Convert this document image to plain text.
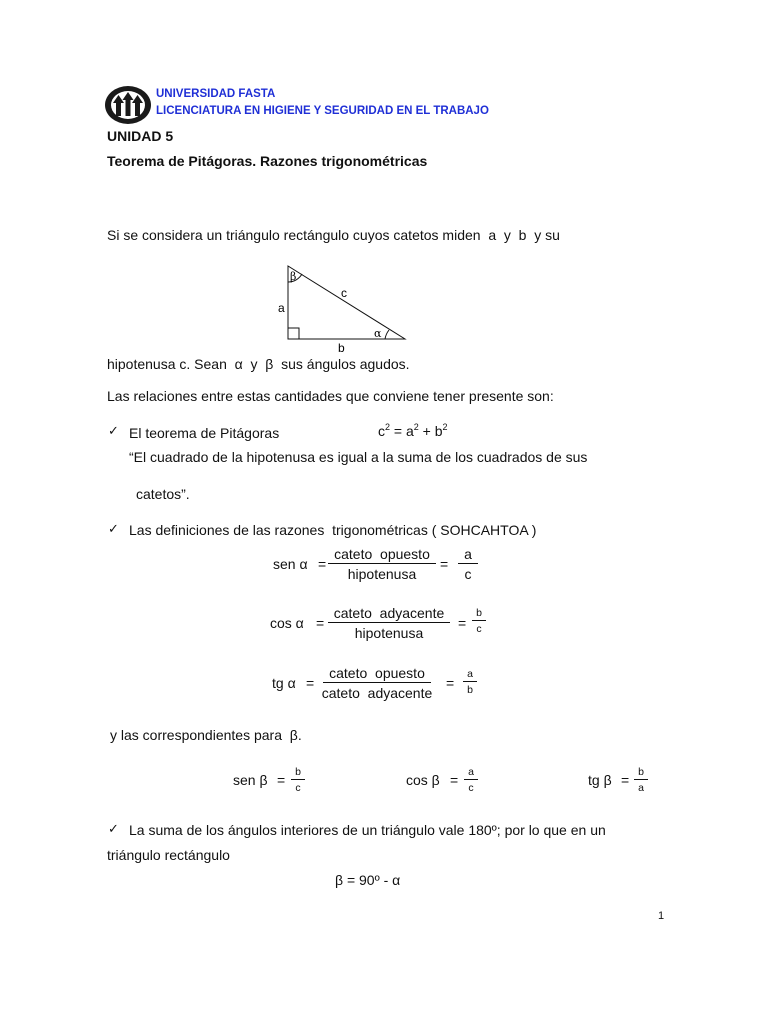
UNIVERSIDAD FASTA
LICENCIATURA EN HIGIENE Y SEGURIDAD EN EL TRABAJO
UNIDAD 5
Teorema de Pitágoras. Razones trigonométricas
Si se considera un triángulo rectángulo cuyos catetos miden  a  y  b  y su
β
α
a
b
c
hipotenusa c. Sean  α  y  β  sus ángulos agudos.
Las relaciones entre estas cantidades que conviene tener presente son:
✓ El teorema de Pitágoras	$c^2 = a^2 + b^2$
“El cuadrado de la hipotenusa es igual a la suma de los cuadrados de sus
catetos”.
✓ Las definiciones de las razones  trigonométricas ( SOHCAHTOA )
sen α =
cateto  opuesto
hipotenusa
= $\frac{a}{c}$
cos α =
cateto  adyacente
hipotenusa
= $\frac{b}{c}$
tg α =
cateto  opuesto
cateto  adyacente
= $\frac{a}{b}$
y las correspondientes para  β.
sen $\beta = \frac{b}{c}$	$\cos \beta = \frac{a}{c}$	tg $\beta = \frac{b}{a}$
✓ La suma de los ángulos interiores de un triángulo vale 180º; por lo que en un
triángulo rectángulo
β = 90º - α
1
